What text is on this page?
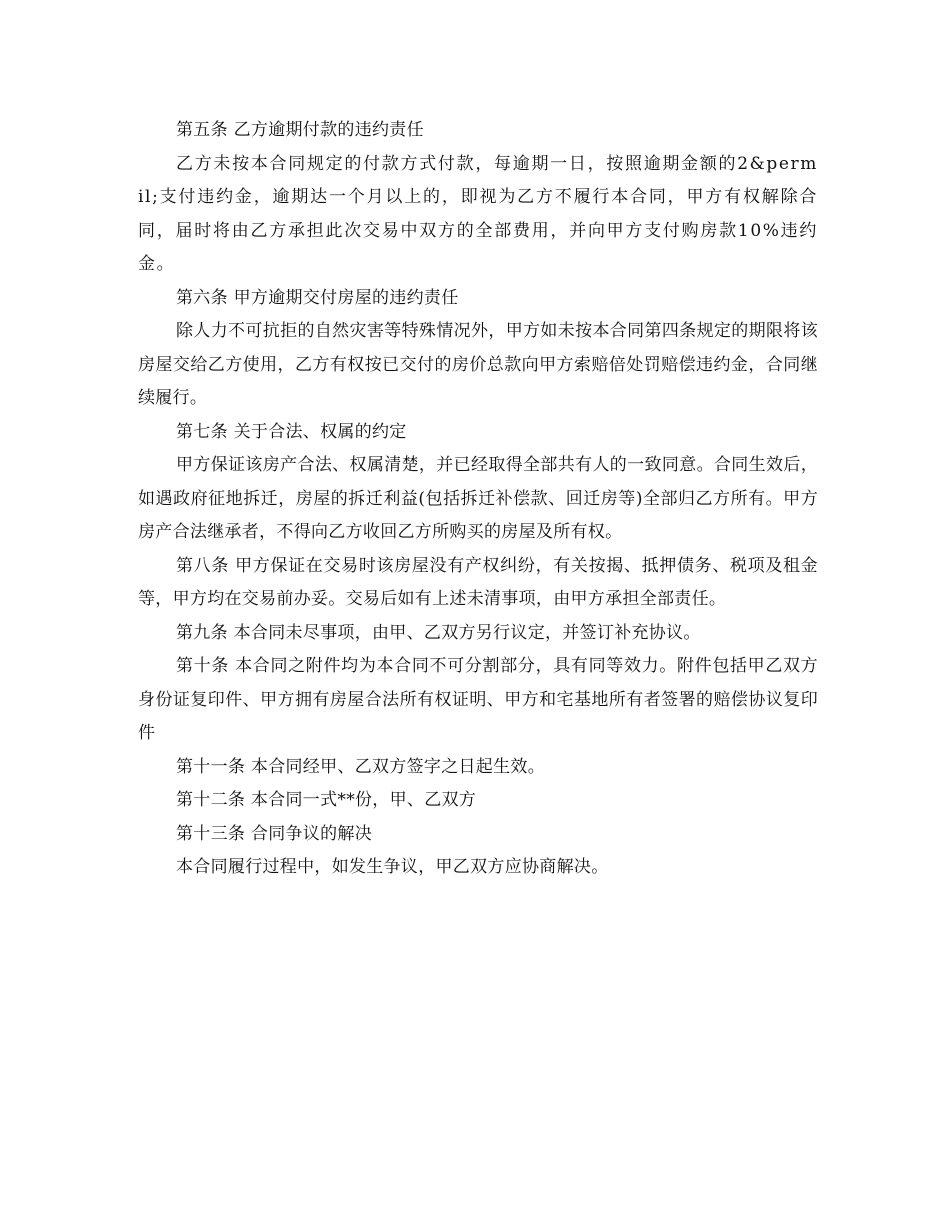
第五条 乙方逾期付款的违约责任

乙方未按本合同规定的付款方式付款，每逾期一日，按照逾期金额的2&permil;支付违约金，逾期达一个月以上的，即视为乙方不履行本合同，甲方有权解除合同，届时将由乙方承担此次交易中双方的全部费用，并向甲方支付购房款10%违约金。

第六条 甲方逾期交付房屋的违约责任

除人力不可抗拒的自然灾害等特殊情况外，甲方如未按本合同第四条规定的期限将该房屋交给乙方使用，乙方有权按已交付的房价总款向甲方索赔倍处罚赔偿违约金，合同继续履行。

第七条 关于合法、权属的约定

甲方保证该房产合法、权属清楚，并已经取得全部共有人的一致同意。合同生效后，如遇政府征地拆迁，房屋的拆迁利益(包括拆迁补偿款、回迁房等)全部归乙方所有。甲方房产合法继承者，不得向乙方收回乙方所购买的房屋及所有权。

第八条 甲方保证在交易时该房屋没有产权纠纷，有关按揭、抵押债务、税项及租金等，甲方均在交易前办妥。交易后如有上述未清事项，由甲方承担全部责任。

第九条 本合同未尽事项，由甲、乙双方另行议定，并签订补充协议。

第十条 本合同之附件均为本合同不可分割部分，具有同等效力。附件包括甲乙双方身份证复印件、甲方拥有房屋合法所有权证明、甲方和宅基地所有者签署的赔偿协议复印件

第十一条 本合同经甲、乙双方签字之日起生效。

第十二条 本合同一式**份，甲、乙双方

第十三条 合同争议的解决

本合同履行过程中，如发生争议，甲乙双方应协商解决。
